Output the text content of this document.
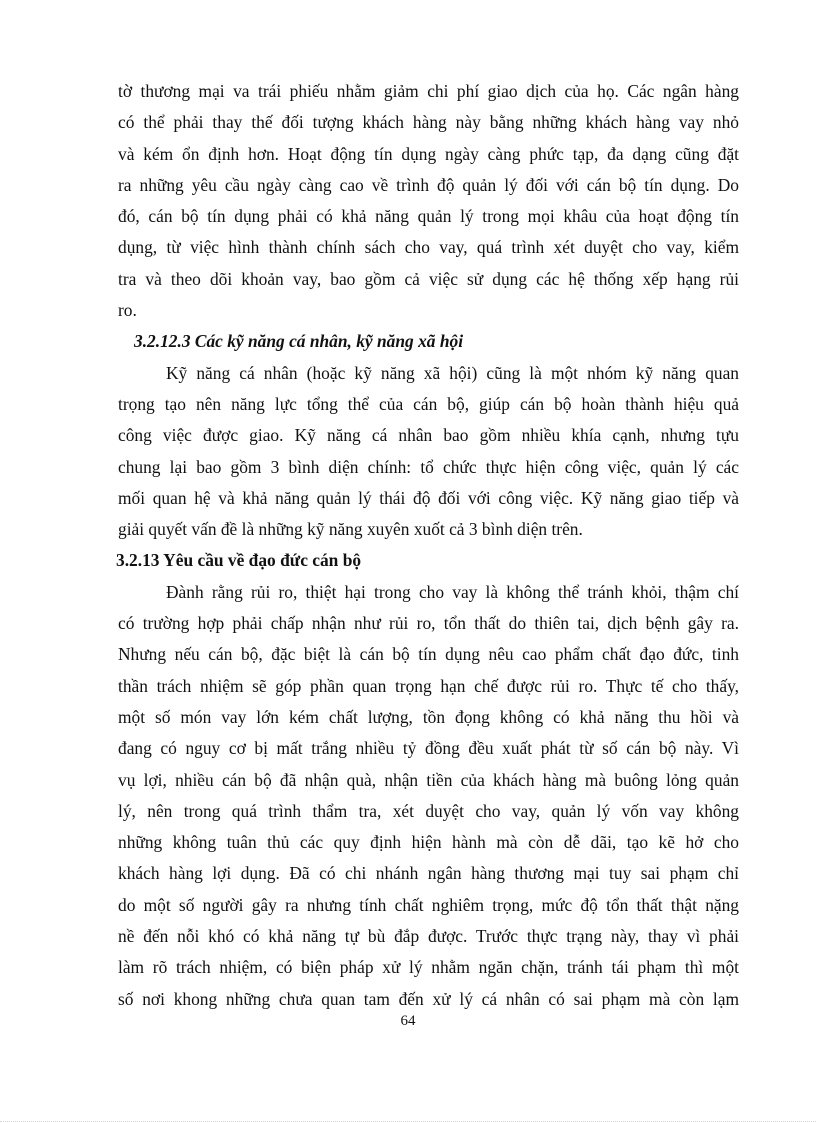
tờ thương mại va trái phiếu nhằm giảm chi phí giao dịch của họ. Các ngân hàng
có thể phải thay thế đối tượng khách hàng này bằng những khách hàng vay nhỏ
và kém ổn định hơn. Hoạt động tín dụng ngày càng phức tạp, đa dạng cũng đặt
ra những yêu cầu ngày càng cao về trình độ quản lý đối với cán bộ tín dụng. Do
đó, cán bộ tín dụng phải có khả năng quản lý trong mọi khâu của hoạt động tín
dụng, từ việc hình thành chính sách cho vay, quá trình xét duyệt cho vay, kiểm
tra và theo dõi khoản vay, bao gồm cả việc sử dụng các hệ thống xếp hạng rủi
ro.
3.2.12.3 Các kỹ năng cá nhân, kỹ năng xã hội
Kỹ năng cá nhân (hoặc kỹ năng xã hội) cũng là một nhóm kỹ năng quan
trọng tạo nên năng lực tổng thể của cán bộ, giúp cán bộ hoàn thành hiệu quả
công việc được giao. Kỹ năng cá nhân bao gồm nhiều khía cạnh, nhưng tựu
chung lại bao gồm 3 bình diện chính: tổ chức thực hiện công việc, quản lý các
mối quan hệ và khả năng quản lý thái độ đối với công việc. Kỹ năng giao tiếp và
giải quyết vấn đề là những kỹ năng xuyên xuốt cả 3 bình diện trên.
3.2.13 Yêu cầu về đạo đức cán bộ
Đành rằng rủi ro, thiệt hại trong cho vay là không thể tránh khỏi, thậm chí
có trường hợp phải chấp nhận như rủi ro, tổn thất do thiên tai, dịch bệnh gây ra.
Nhưng nếu cán bộ, đặc biệt là cán bộ tín dụng nêu cao phẩm chất đạo đức, tinh
thần trách nhiệm sẽ góp phần quan trọng hạn chế được rủi ro. Thực tế cho thấy,
một số món vay lớn kém chất lượng, tồn đọng không có khả năng thu hồi và
đang có nguy cơ bị mất trắng nhiều tỷ đồng đều xuất phát từ số cán bộ này. Vì
vụ lợi, nhiều cán bộ đã nhận quà, nhận tiền của khách hàng mà buông lỏng quản
lý, nên trong quá trình thẩm tra, xét duyệt cho vay, quản lý vốn vay không
những không tuân thủ các quy định hiện hành mà còn dễ dãi, tạo kẽ hở cho
khách hàng lợi dụng. Đã có chi nhánh ngân hàng thương mại tuy sai phạm chỉ
do một số người gây ra nhưng tính chất nghiêm trọng, mức độ tổn thất thật nặng
nề đến nỗi khó có khả năng tự bù đắp được. Trước thực trạng này, thay vì phải
làm rõ trách nhiệm, có biện pháp xử lý nhằm ngăn chặn, tránh tái phạm thì một
số nơi khong những chưa quan tam đến xử lý cá nhân có sai phạm mà còn lạm
64
